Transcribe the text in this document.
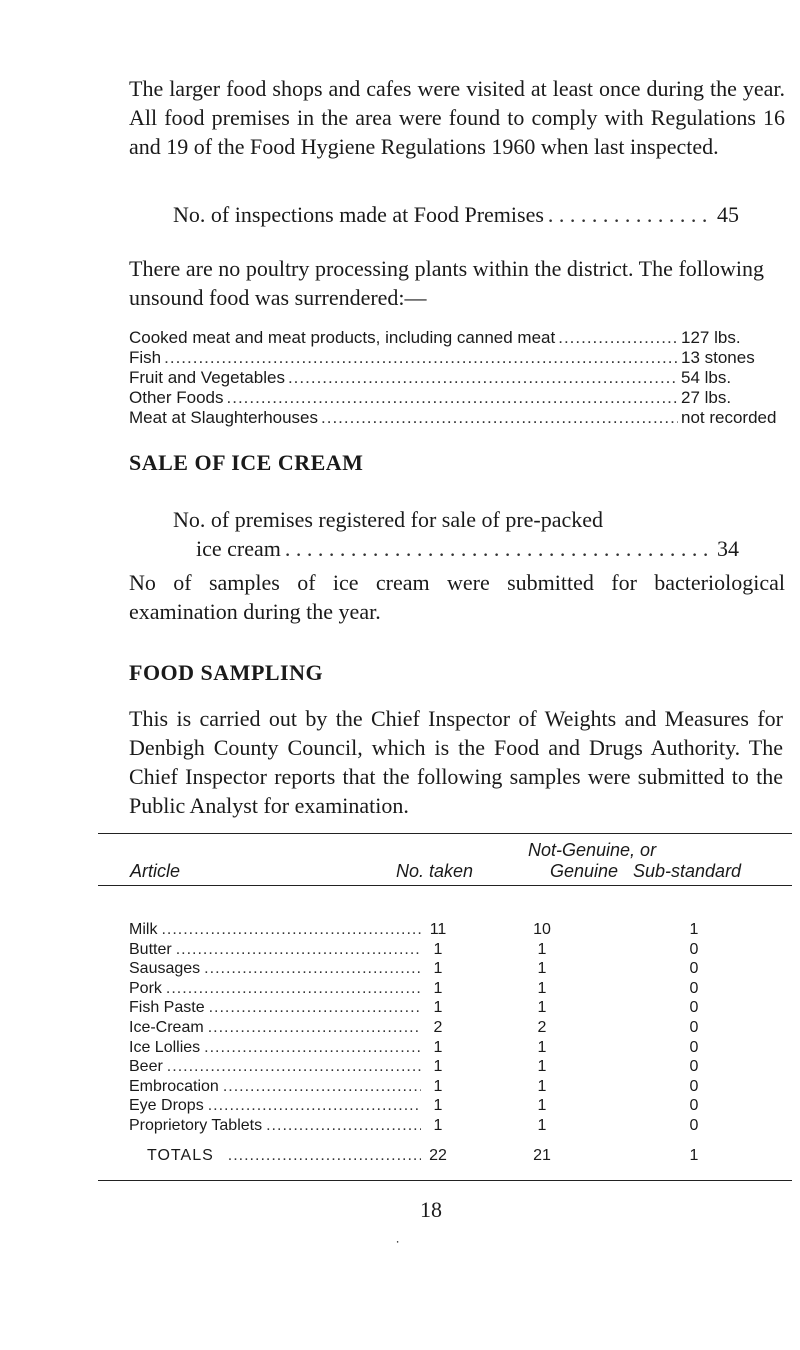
The larger food shops and cafes were visited at least once during the year. All food premises in the area were found to comply with Regulations 16 and 19 of the Food Hygiene Regulations 1960 when last inspected.

No. of inspections made at Food Premises . . .	45

There are no poultry processing plants within the district. The following unsound food was surrendered:—

Cooked meat and meat products, including canned meat .....	127 lbs.
Fish .....	13 stones
Fruit and Vegetables .....	54 lbs.
Other Foods .....	27 lbs.
Meat at Slaughterhouses .....	not recorded
SALE OF ICE CREAM

No. of premises registered for sale of pre-packed

ice cream . . .	34

No of samples of ice cream were submitted for bacteriological examination during the year.

FOOD SAMPLING

This is carried out by the Chief Inspector of Weights and Measures for Denbigh County Council, which is the Food and Drugs Authority. The Chief Inspector reports that the following samples were submitted to the Public Analyst for examination.

Not-Genuine, or
Article	No. taken	Genuine Sub-standard
Milk .....	11	10	1
Butter .....	1	1	0
Sausages .....	1	1	0
Pork .....	1	1	0
Fish Paste .....	1	1	0
Ice-Cream .....	2	2	0
Ice Lollies .....	1	1	0
Beer .....	1	1	0
Embrocation .....	1	1	0
Eye Drops .....	1	1	0
Proprietory Tablets .....	1	1	0
TOTALS .....	22	21	1
18
⸳
